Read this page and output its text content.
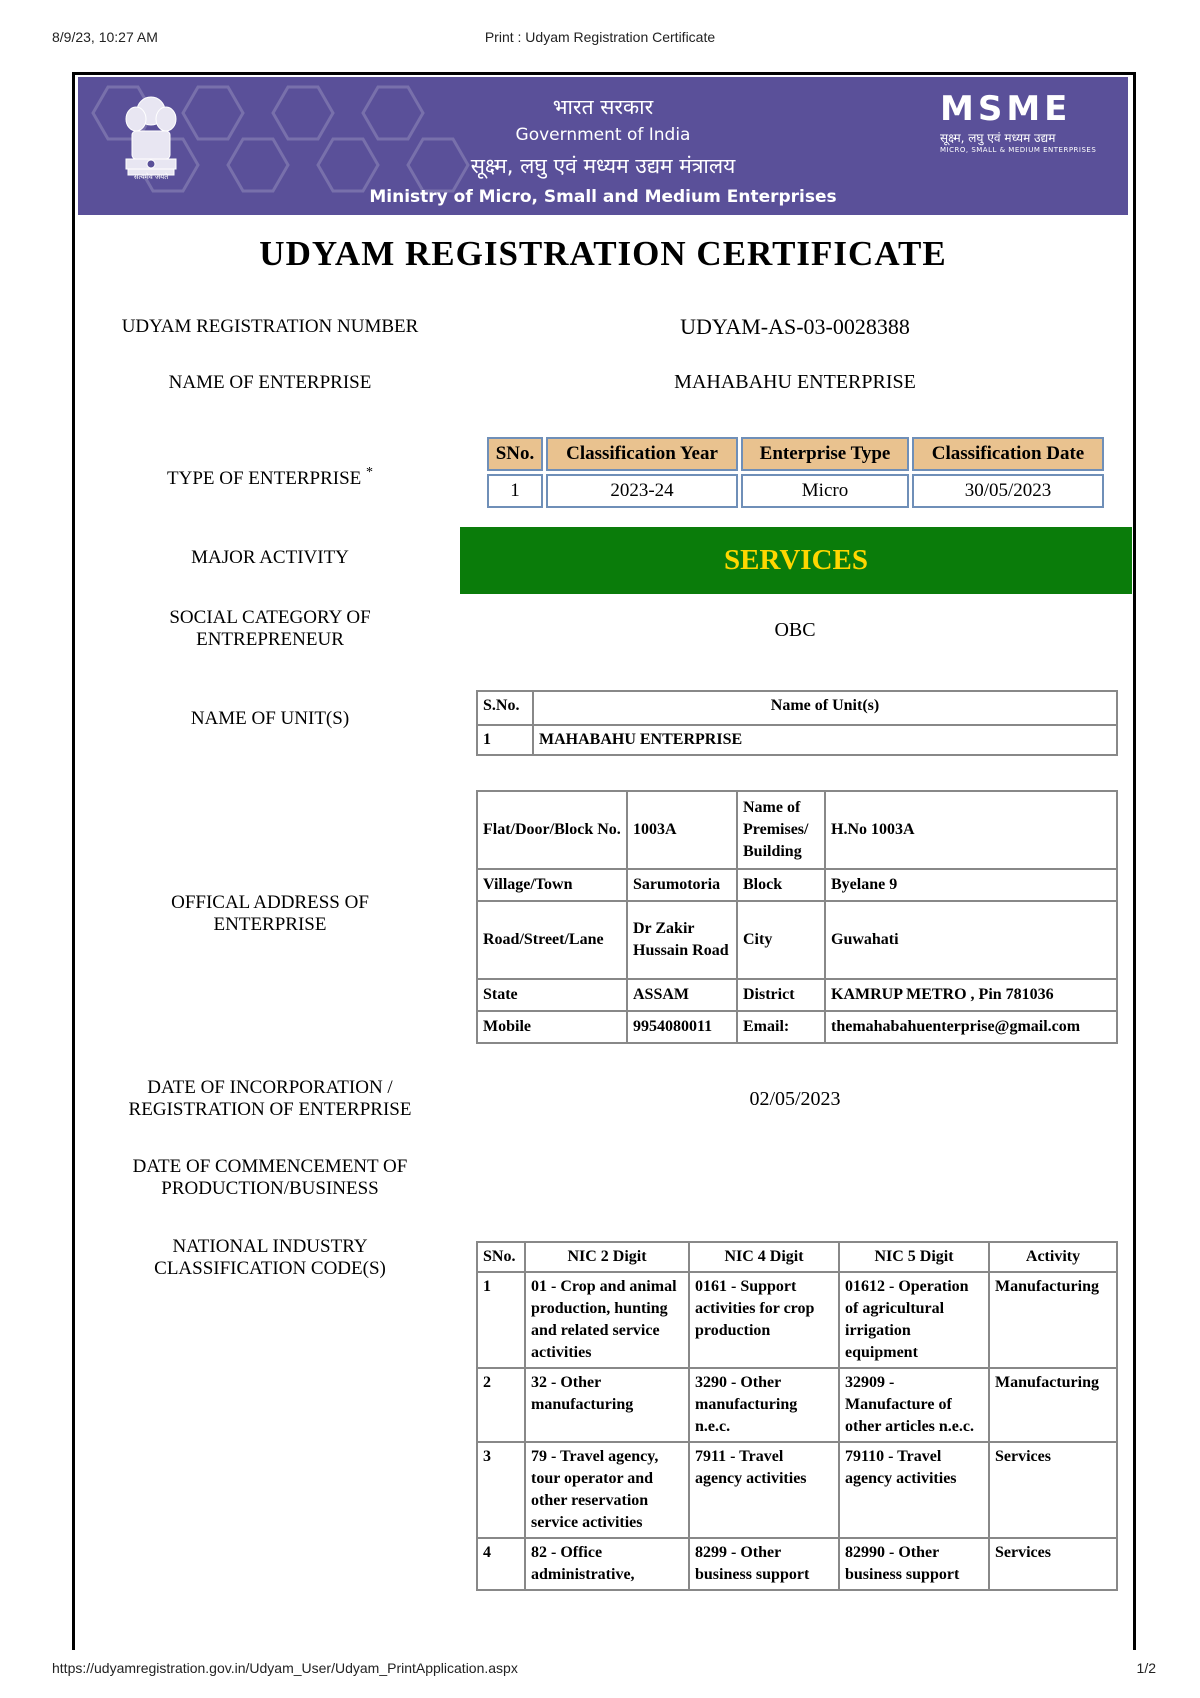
8/9/23, 10:27 AM	Print : Udyam Registration Certificate
सत्यमेव जयते
भारत सरकार
Government of India
सूक्ष्म, लघु एवं मध्यम उद्यम मंत्रालय
Ministry of Micro, Small and Medium Enterprises
MSME
सूक्ष्म, लघु एवं मध्यम उद्यम
MICRO, SMALL & MEDIUM ENTERPRISES
UDYAM REGISTRATION CERTIFICATE
UDYAM REGISTRATION NUMBER	UDYAM-AS-03-0028388
NAME OF ENTERPRISE	MAHABAHU ENTERPRISE
TYPE OF ENTERPRISE *
SNo.	Classification Year	Enterprise Type	Classification Date
1	2023-24	Micro	30/05/2023
MAJOR ACTIVITY	SERVICES
SOCIAL CATEGORY OF
ENTREPRENEUR	OBC
NAME OF UNIT(S)
S.No.	Name of Unit(s)
1	MAHABAHU ENTERPRISE
OFFICAL ADDRESS OF
ENTERPRISE
Flat/Door/Block No.	1003A	Name of Premises/ Building	H.No 1003A
Village/Town	Sarumotoria	Block	Byelane 9
Road/Street/Lane	Dr Zakir Hussain Road	City	Guwahati
State	ASSAM	District	KAMRUP METRO , Pin 781036
Mobile	9954080011	Email:	themahabahuenterprise@gmail.com
DATE OF INCORPORATION /
REGISTRATION OF ENTERPRISE	02/05/2023
DATE OF COMMENCEMENT OF
PRODUCTION/BUSINESS
NATIONAL INDUSTRY
CLASSIFICATION CODE(S)
SNo.	NIC 2 Digit	NIC 4 Digit	NIC 5 Digit	Activity
1	01 - Crop and animal production, hunting and related service activities	0161 - Support activities for crop production	01612 - Operation of agricultural irrigation equipment	Manufacturing
2	32 - Other manufacturing	3290 - Other manufacturing n.e.c.	32909 - Manufacture of other articles n.e.c.	Manufacturing
3	79 - Travel agency, tour operator and other reservation service activities	7911 - Travel agency activities	79110 - Travel agency activities	Services
4	82 - Office administrative,	8299 - Other business support	82990 - Other business support	Services
https://udyamregistration.gov.in/Udyam_User/Udyam_PrintApplication.aspx	1/2
